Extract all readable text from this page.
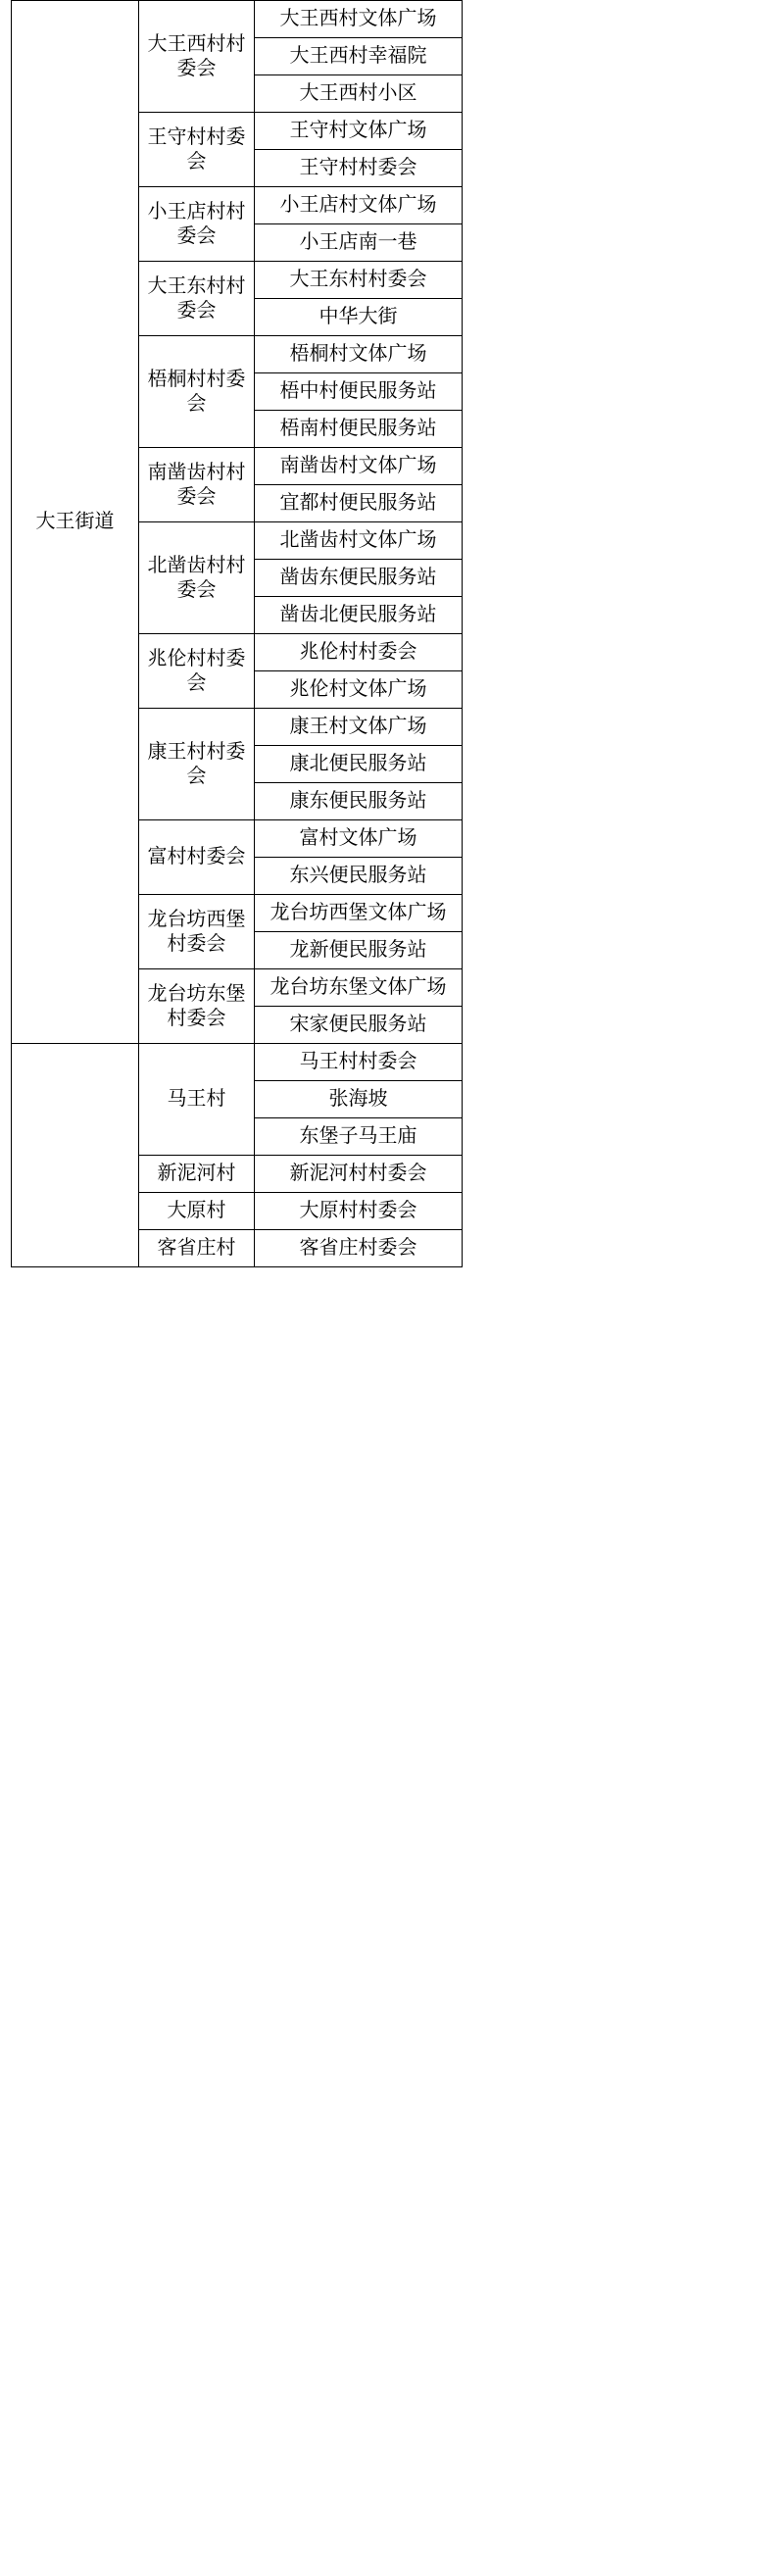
大王街道	大王西村村委会	大王西村文体广场
		大王西村幸福院
		大王西村小区
	王守村村委会	王守村文体广场
		王守村村委会
	小王店村村委会	小王店村文体广场
		小王店南一巷
	大王东村村委会	大王东村村委会
		中华大街
	梧桐村村委会	梧桐村文体广场
		梧中村便民服务站
		梧南村便民服务站
	南凿齿村村委会	南凿齿村文体广场
		宜都村便民服务站
	北凿齿村村委会	北凿齿村文体广场
		凿齿东便民服务站
		凿齿北便民服务站
	兆伦村村委会	兆伦村村委会
		兆伦村文体广场
	康王村村委会	康王村文体广场
		康北便民服务站
		康东便民服务站
	富村村委会	富村文体广场
		东兴便民服务站
	龙台坊西堡村委会	龙台坊西堡文体广场
		龙新便民服务站
	龙台坊东堡村委会	龙台坊东堡文体广场
		宋家便民服务站
	马王村	马王村村委会
		张海坡
		东堡子马王庙
	新泥河村	新泥河村村委会
	大原村	大原村村委会
	客省庄村	客省庄村委会
